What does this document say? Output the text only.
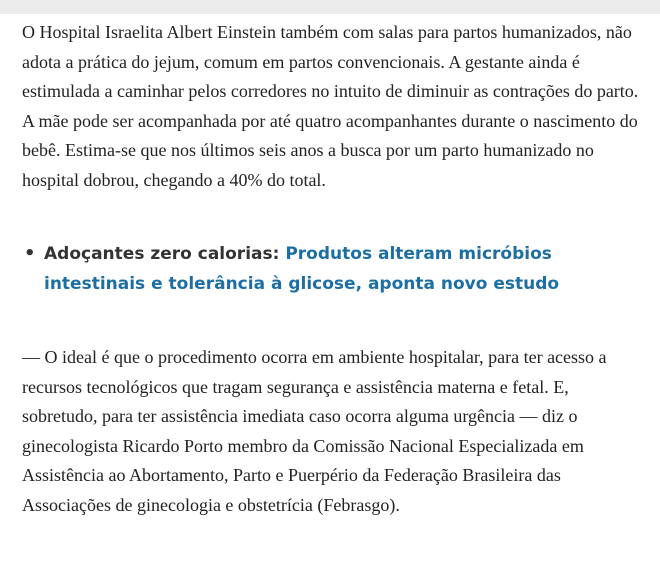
O Hospital Israelita Albert Einstein também com salas para partos humanizados, não adota a prática do jejum, comum em partos convencionais. A gestante ainda é estimulada a caminhar pelos corredores no intuito de diminuir as contrações do parto. A mãe pode ser acompanhada por até quatro acompanhantes durante o nascimento do bebê. Estima-se que nos últimos seis anos a busca por um parto humanizado no hospital dobrou, chegando a 40% do total.

• Adoçantes zero calorias: Produtos alteram micróbios intestinais e tolerância à glicose, aponta novo estudo

— O ideal é que o procedimento ocorra em ambiente hospitalar, para ter acesso a recursos tecnológicos que tragam segurança e assistência materna e fetal. E, sobretudo, para ter assistência imediata caso ocorra alguma urgência — diz o ginecologista Ricardo Porto membro da Comissão Nacional Especializada em Assistência ao Abortamento, Parto e Puerpério da Federação Brasileira das Associações de ginecologia e obstetrícia (Febrasgo).
